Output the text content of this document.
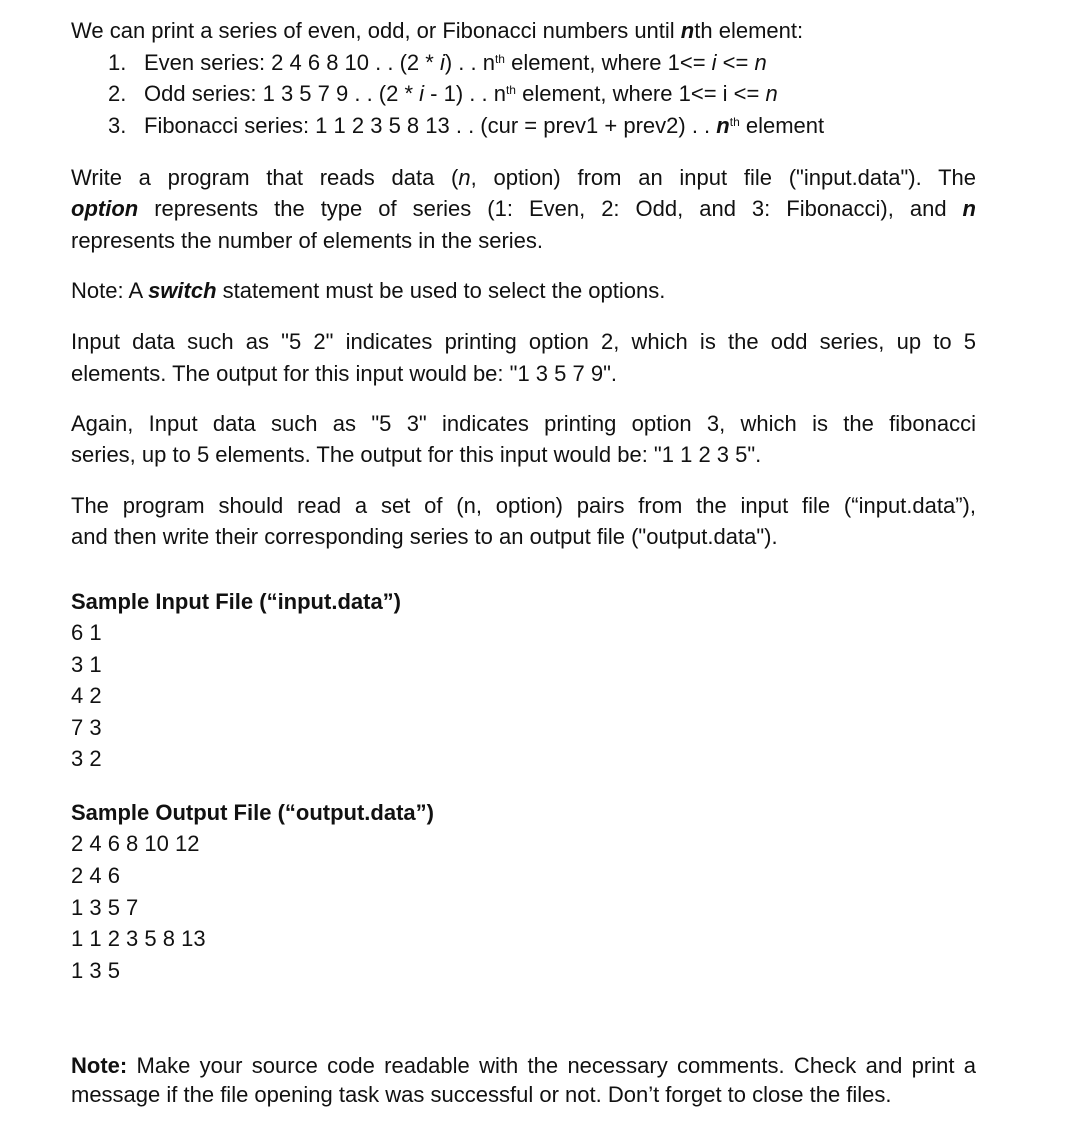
We can print a series of even, odd, or Fibonacci numbers until nth element:
1. Even series: 2 4 6 8 10 . . (2 * i) . . $n^{th}$ element, where 1<= i <= n
2. Odd series: 1 3 5 7 9 . . (2 * i - 1) . . $n^{th}$ element, where 1<= i <= n
3. Fibonacci series: 1 1 2 3 5 8 13 . . (cur = prev1 + prev2) . . $n^{th}$ element
Write a program that reads data (n, option) from an input file ("input.data"). The
option represents the type of series (1: Even, 2: Odd, and 3: Fibonacci), and n
represents the number of elements in the series.
Note: A switch statement must be used to select the options.
Input data such as "5 2" indicates printing option 2, which is the odd series, up to 5
elements. The output for this input would be: "1 3 5 7 9".
Again, Input data such as "5 3" indicates printing option 3, which is the fibonacci
series, up to 5 elements. The output for this input would be: "1 1 2 3 5".
The program should read a set of (n, option) pairs from the input file (“input.data”),
and then write their corresponding series to an output file ("output.data").
Sample Input File (“input.data”)
6 1
3 1
4 2
7 3
3 2
Sample Output File (“output.data”)
2 4 6 8 10 12
2 4 6
1 3 5 7
1 1 2 3 5 8 13
1 3 5
Note: Make your source code readable with the necessary comments. Check and print a
message if the file opening task was successful or not. Don’t forget to close the files.
